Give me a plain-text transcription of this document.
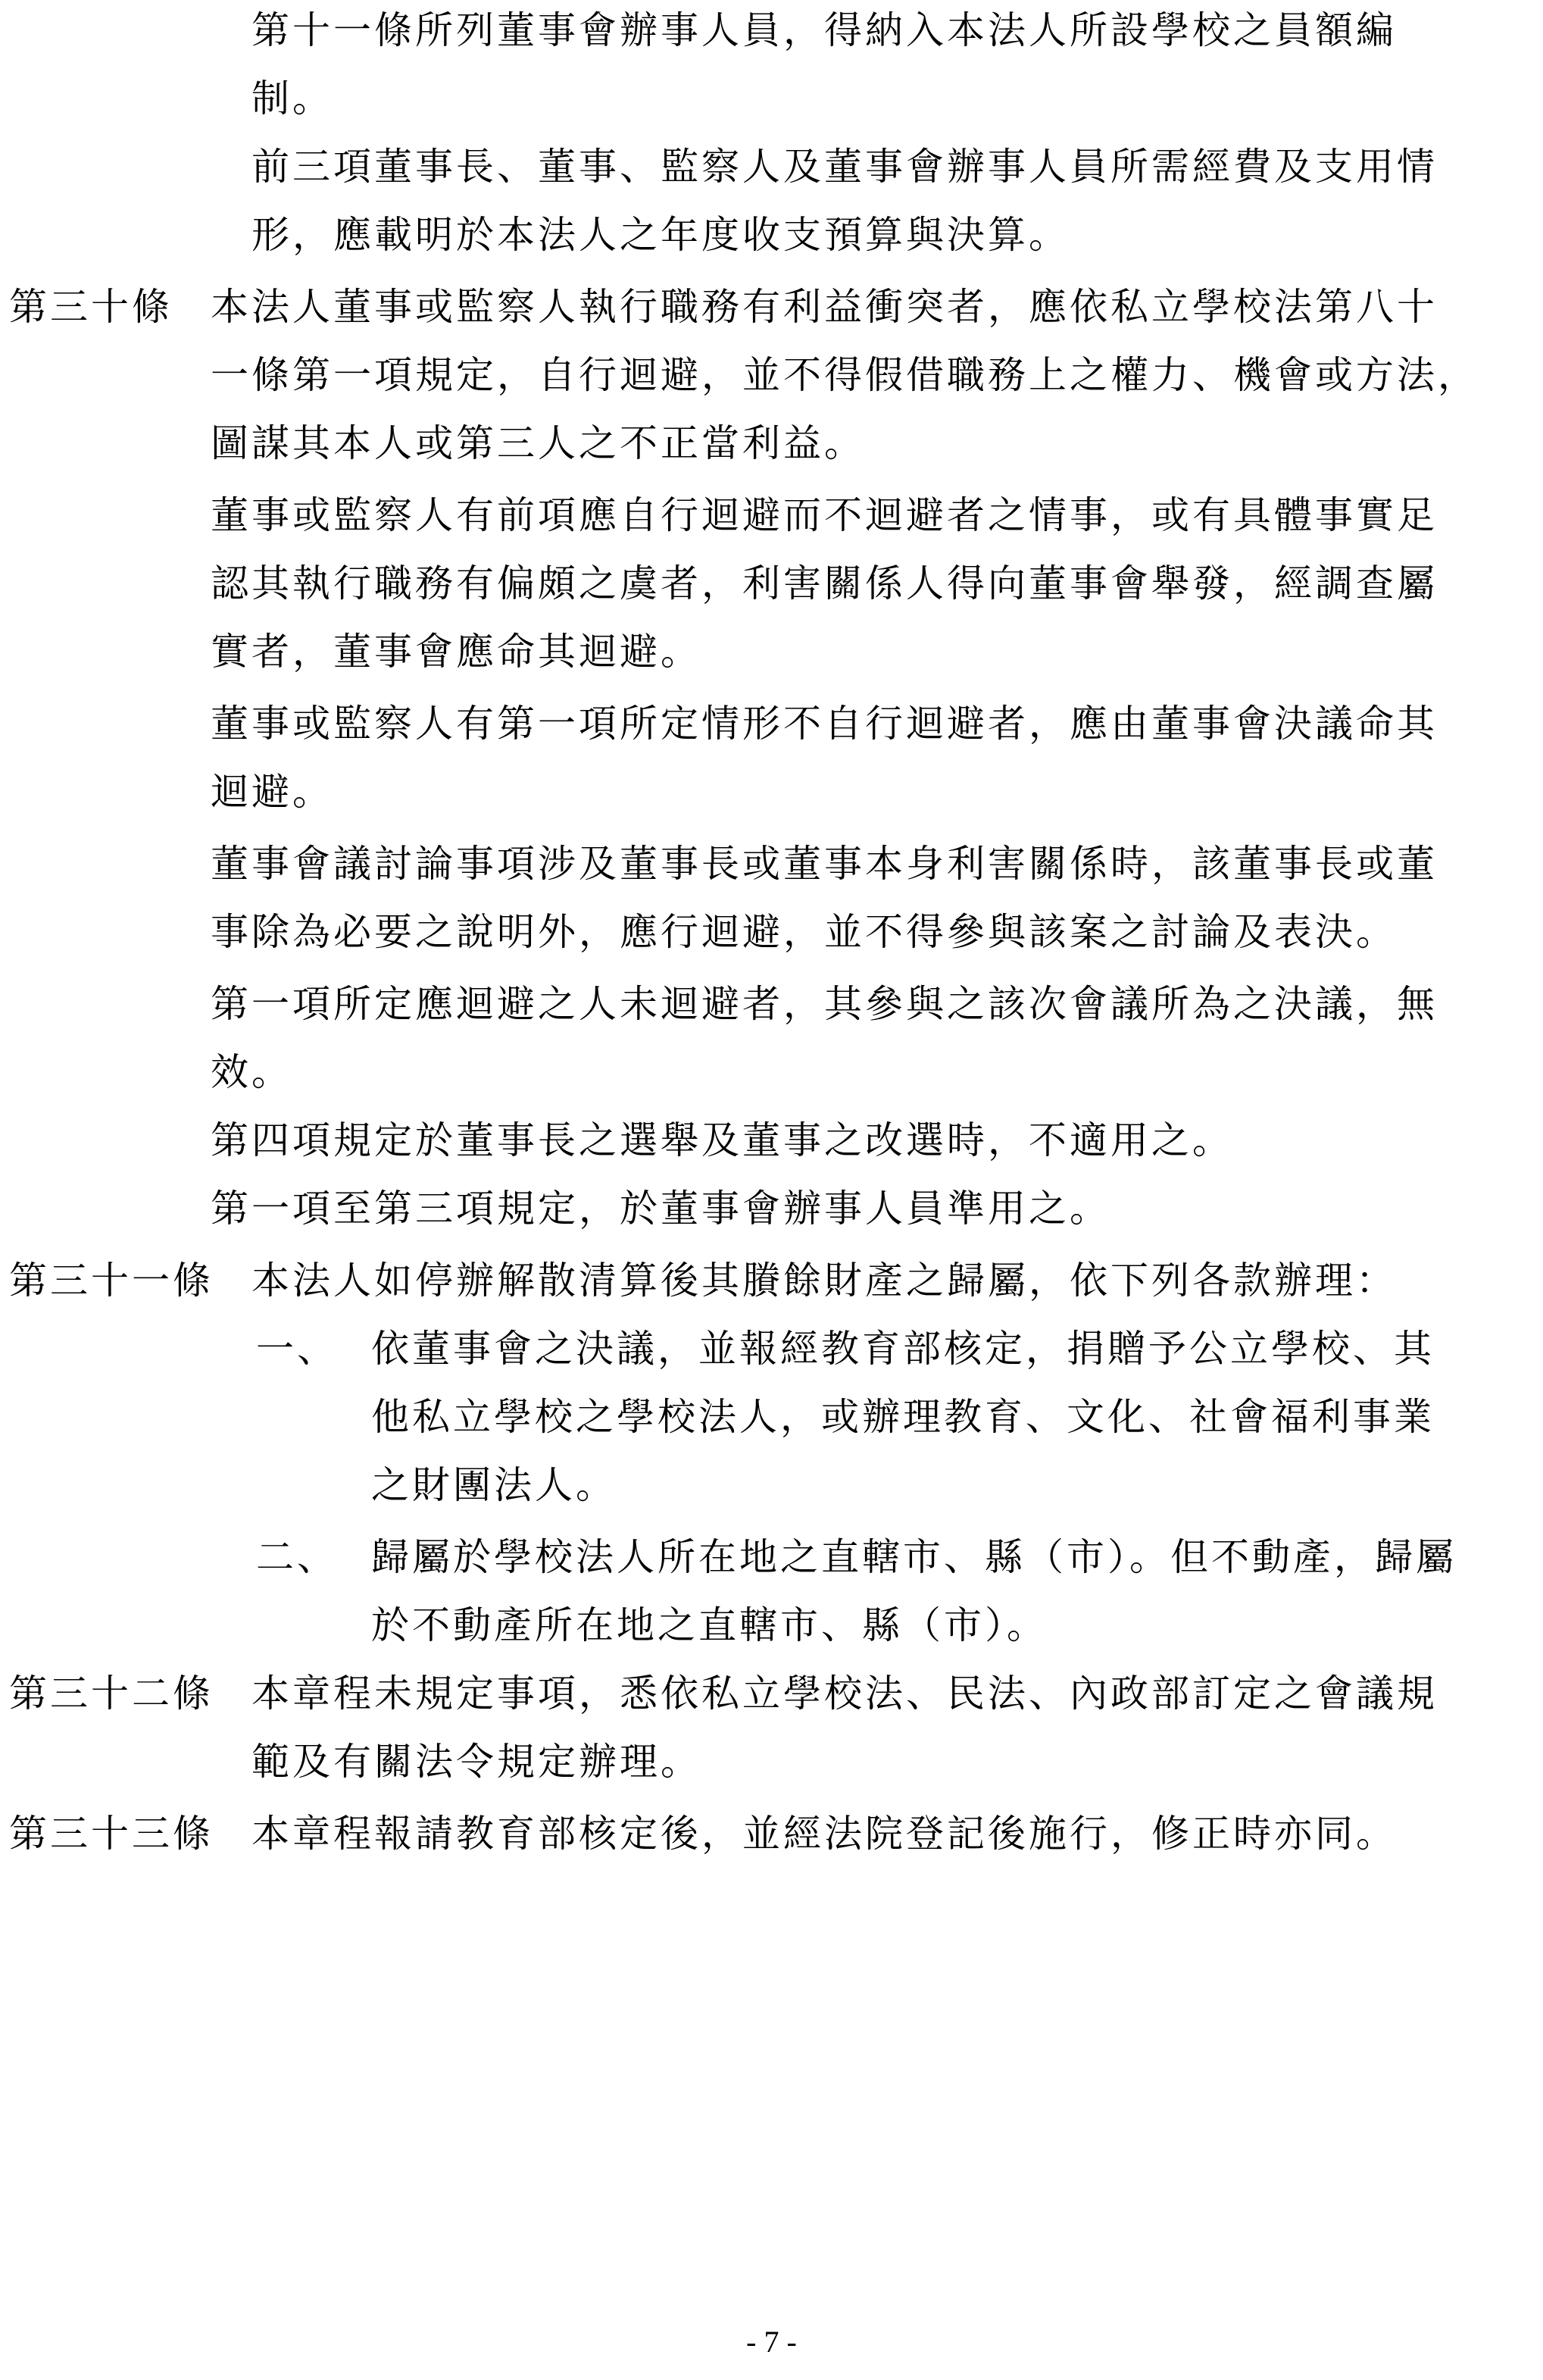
第十一條所列董事會辦事人員，得納入本法人所設學校之員額編
制。
前三項董事長、董事、監察人及董事會辦事人員所需經費及支用情
形，應載明於本法人之年度收支預算與決算。
第三十條 本法人董事或監察人執行職務有利益衝突者，應依私立學校法第八十
一條第一項規定，自行迴避，並不得假借職務上之權力、機會或方法，
圖謀其本人或第三人之不正當利益。
董事或監察人有前項應自行迴避而不迴避者之情事，或有具體事實足
認其執行職務有偏頗之虞者，利害關係人得向董事會舉發，經調查屬
實者，董事會應命其迴避。
董事或監察人有第一項所定情形不自行迴避者，應由董事會決議命其
迴避。
董事會議討論事項涉及董事長或董事本身利害關係時，該董事長或董
事除為必要之說明外，應行迴避，並不得參與該案之討論及表決。
第一項所定應迴避之人未迴避者，其參與之該次會議所為之決議，無
效。
第四項規定於董事長之選舉及董事之改選時，不適用之。
第一項至第三項規定，於董事會辦事人員準用之。
第三十一條 本法人如停辦解散清算後其賸餘財產之歸屬，依下列各款辦理：
一、 依董事會之決議，並報經教育部核定，捐贈予公立學校、其
他私立學校之學校法人，或辦理教育、文化、社會福利事業
之財團法人。
二、 歸屬於學校法人所在地之直轄市、縣（市）。但不動產，歸屬
於不動產所在地之直轄市、縣（市）。
第三十二條 本章程未規定事項，悉依私立學校法、民法、內政部訂定之會議規
範及有關法令規定辦理。
第三十三條 本章程報請教育部核定後，並經法院登記後施行，修正時亦同。
- 7 -
